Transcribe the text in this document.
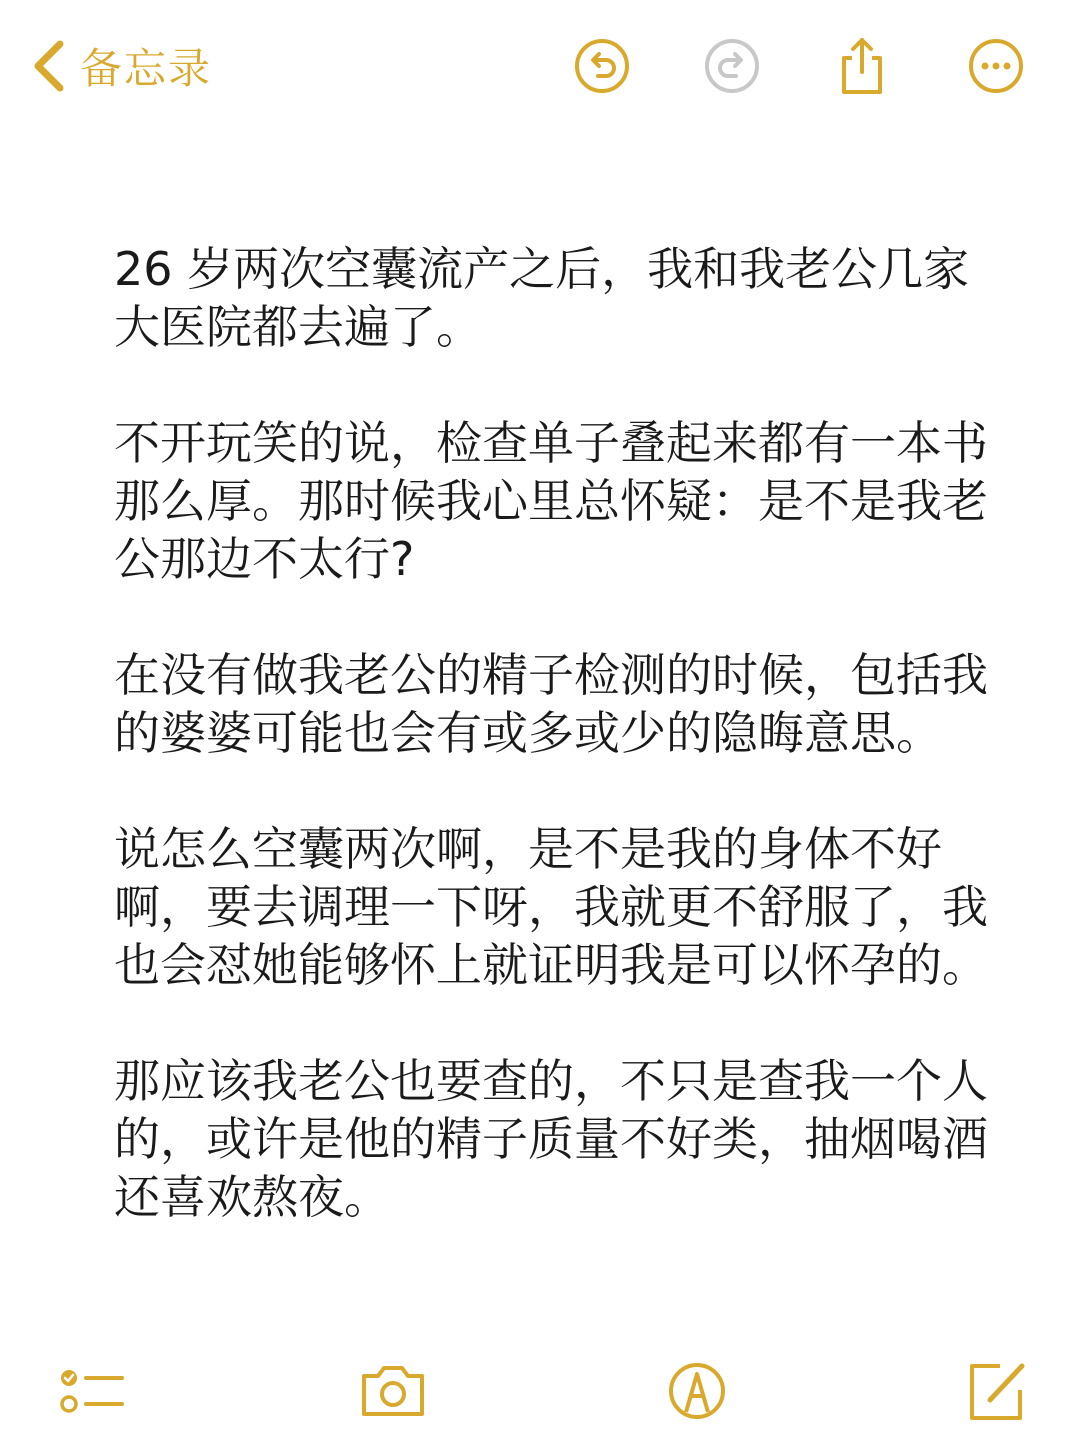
备忘录

26 岁两次空囊流产之后，我和我老公几家大医院都去遍了。

不开玩笑的说，检查单子叠起来都有一本书那么厚。那时候我心里总怀疑：是不是我老公那边不太行?

在没有做我老公的精子检测的时候，包括我的婆婆可能也会有或多或少的隐晦意思。

说怎么空囊两次啊，是不是我的身体不好啊，要去调理一下呀，我就更不舒服了，我也会怼她能够怀上就证明我是可以怀孕的。

那应该我老公也要查的，不只是查我一个人的，或许是他的精子质量不好类，抽烟喝酒还喜欢熬夜。
